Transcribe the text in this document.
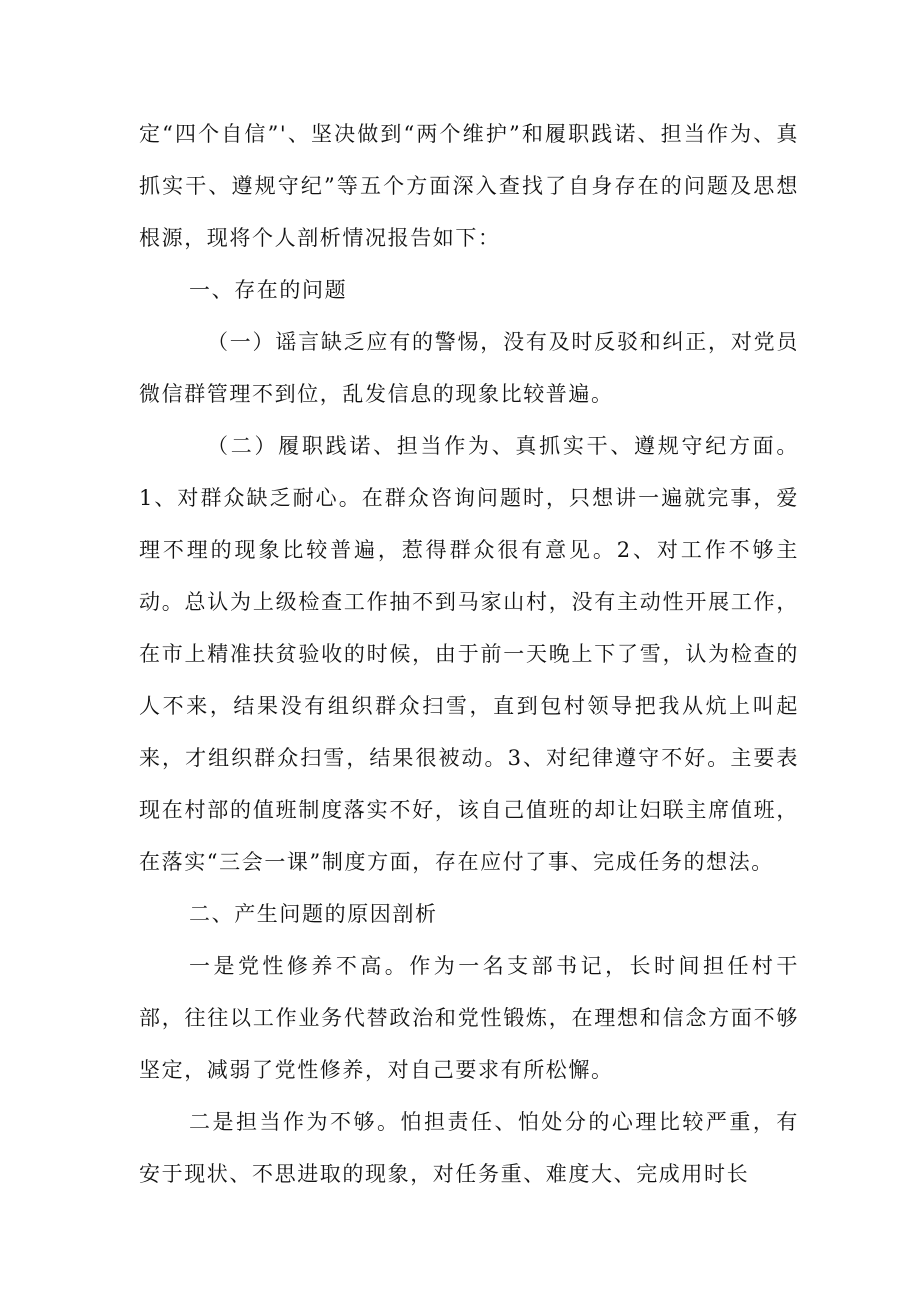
定“四个自信”'、坚决做到“两个维护”和履职践诺、担当作为、真抓实干、遵规守纪”等五个方面深入查找了自身存在的问题及思想根源，现将个人剖析情况报告如下：

一、存在的问题

（一）谣言缺乏应有的警惕，没有及时反驳和纠正，对党员微信群管理不到位，乱发信息的现象比较普遍。

（二）履职践诺、担当作为、真抓实干、遵规守纪方面。1、对群众缺乏耐心。在群众咨询问题时，只想讲一遍就完事，爱理不理的现象比较普遍，惹得群众很有意见。2、对工作不够主动。总认为上级检查工作抽不到马家山村，没有主动性开展工作，在市上精准扶贫验收的时候，由于前一天晚上下了雪，认为检查的人不来，结果没有组织群众扫雪，直到包村领导把我从炕上叫起来，才组织群众扫雪，结果很被动。3、对纪律遵守不好。主要表现在村部的值班制度落实不好，该自己值班的却让妇联主席值班，在落实“三会一课”制度方面，存在应付了事、完成任务的想法。

二、产生问题的原因剖析

一是党性修养不高。作为一名支部书记，长时间担任村干部，往往以工作业务代替政治和党性锻炼，在理想和信念方面不够坚定，减弱了党性修养，对自己要求有所松懈。

二是担当作为不够。怕担责任、怕处分的心理比较严重，有安于现状、不思进取的现象，对任务重、难度大、完成用时长
